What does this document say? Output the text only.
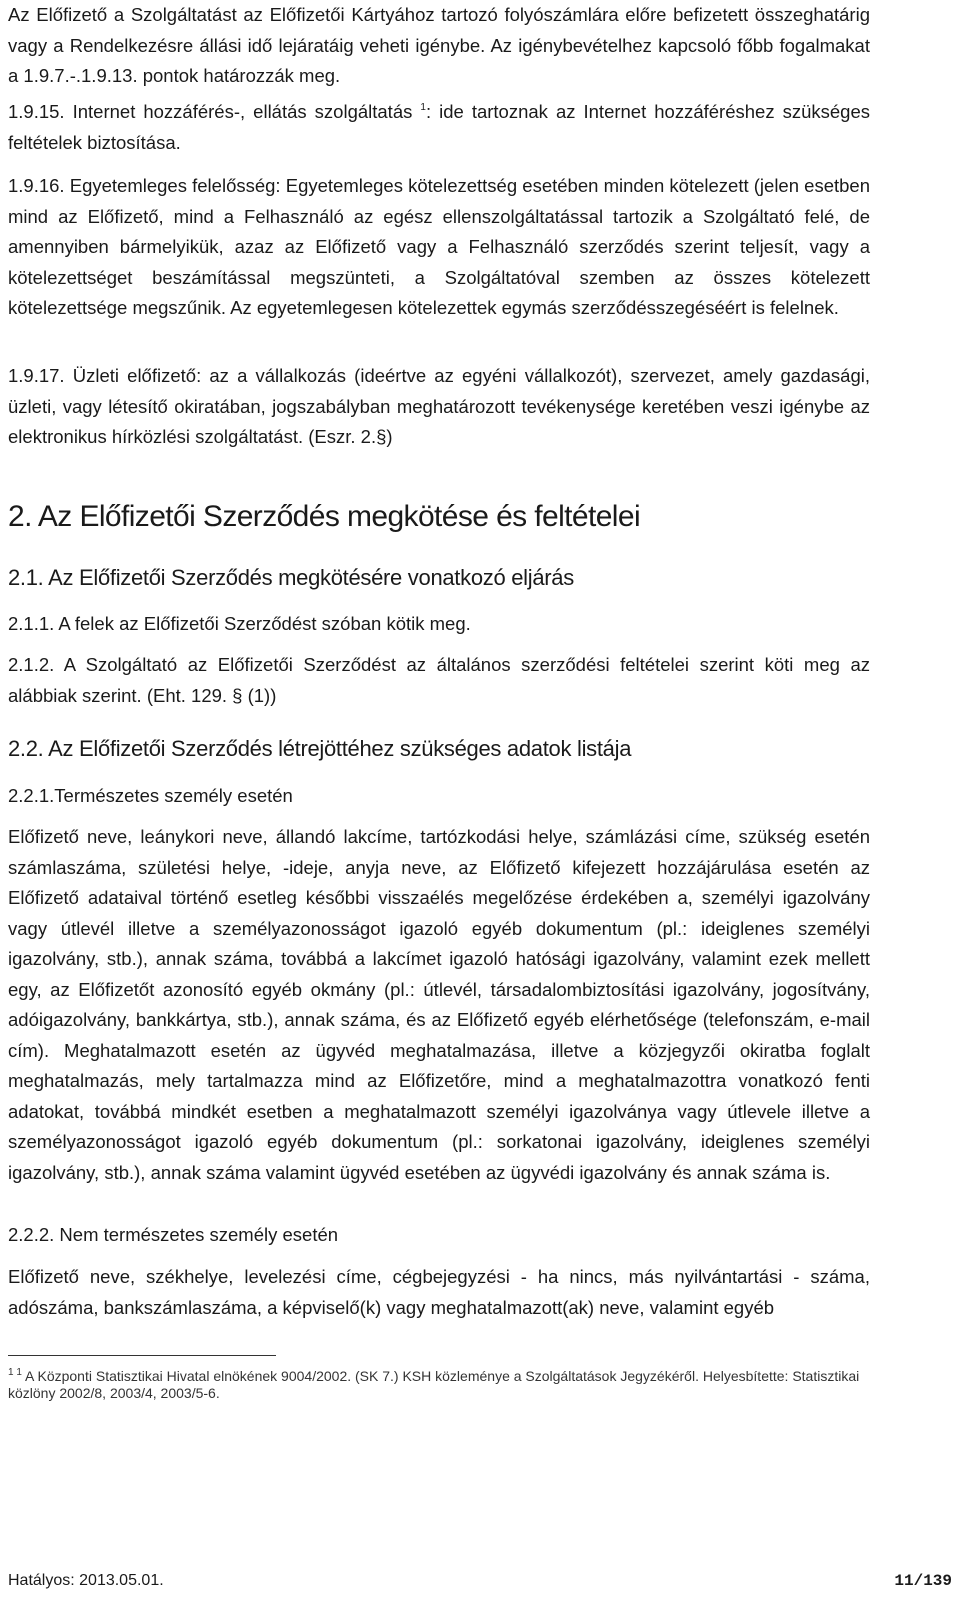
Az Előfizető a Szolgáltatást az Előfizetői Kártyához tartozó folyószámlára előre befizetett összeghatárig vagy a Rendelkezésre állási idő lejáratáig veheti igénybe. Az igénybevételhez kapcsoló főbb fogalmakat a 1.9.7.-.1.9.13. pontok határozzák meg.

1.9.15. Internet hozzáférés-, ellátás szolgáltatás $^1$: ide tartoznak az Internet hozzáféréshez szükséges feltételek biztosítása.

1.9.16. Egyetemleges felelősség: Egyetemleges kötelezettség esetében minden kötelezett (jelen esetben mind az Előfizető, mind a Felhasználó az egész ellenszolgáltatással tartozik a Szolgáltató felé, de amennyiben bármelyikük, azaz az Előfizető vagy a Felhasználó szerződés szerint teljesít, vagy a kötelezettséget beszámítással megszünteti, a Szolgáltatóval szemben az összes kötelezett kötelezettsége megszűnik. Az egyetemlegesen kötelezettek egymás szerződésszegéséért is felelnek.

1.9.17. Üzleti előfizető: az a vállalkozás (ideértve az egyéni vállalkozót), szervezet, amely gazdasági, üzleti, vagy létesítő okiratában, jogszabályban meghatározott tevékenysége keretében veszi igénybe az elektronikus hírközlési szolgáltatást. (Eszr. 2.§)

2. Az Előfizetői Szerződés megkötése és feltételei
2.1. Az Előfizetői Szerződés megkötésére vonatkozó eljárás

2.1.1. A felek az Előfizetői Szerződést szóban kötik meg.

2.1.2. A Szolgáltató az Előfizetői Szerződést az általános szerződési feltételei szerint köti meg az alábbiak szerint. (Eht. 129. § (1))

2.2. Az Előfizetői Szerződés létrejöttéhez szükséges adatok listája

2.2.1.Természetes személy esetén

Előfizető neve, leánykori neve, állandó lakcíme, tartózkodási helye, számlázási címe, szükség esetén számlaszáma, születési helye, -ideje, anyja neve, az Előfizető kifejezett hozzájárulása esetén az Előfizető adataival történő esetleg későbbi visszaélés megelőzése érdekében a, személyi igazolvány vagy útlevél illetve a személyazonosságot igazoló egyéb dokumentum (pl.: ideiglenes személyi igazolvány, stb.), annak száma, továbbá a lakcímet igazoló hatósági igazolvány, valamint ezek mellett egy, az Előfizetőt azonosító egyéb okmány (pl.: útlevél, társadalombiztosítási igazolvány, jogosítvány, adóigazolvány, bankkártya, stb.), annak száma, és az Előfizető egyéb elérhetősége (telefonszám, e-mail cím). Meghatalmazott esetén az ügyvéd meghatalmazása, illetve a közjegyzői okiratba foglalt meghatalmazás, mely tartalmazza mind az Előfizetőre, mind a meghatalmazottra vonatkozó fenti adatokat, továbbá mindkét esetben a meghatalmazott személyi igazolványa vagy útlevele illetve a személyazonosságot igazoló egyéb dokumentum (pl.: sorkatonai igazolvány, ideiglenes személyi igazolvány, stb.), annak száma valamint ügyvéd esetében az ügyvédi igazolvány és annak száma is.

2.2.2. Nem természetes személy esetén

Előfizető neve, székhelye, levelezési címe, cégbejegyzési - ha nincs, más nyilvántartási - száma, adószáma, bankszámlaszáma, a képviselő(k) vagy meghatalmazott(ak) neve, valamint egyéb

$^{1 1}$ A Központi Statisztikai Hivatal elnökének 9004/2002. (SK 7.) KSH közleménye a Szolgáltatások Jegyzékéről. Helyesbítette: Statisztikai közlöny 2002/8, 2003/4, 2003/5-6.

Hatályos: 2013.05.01.	11/139
